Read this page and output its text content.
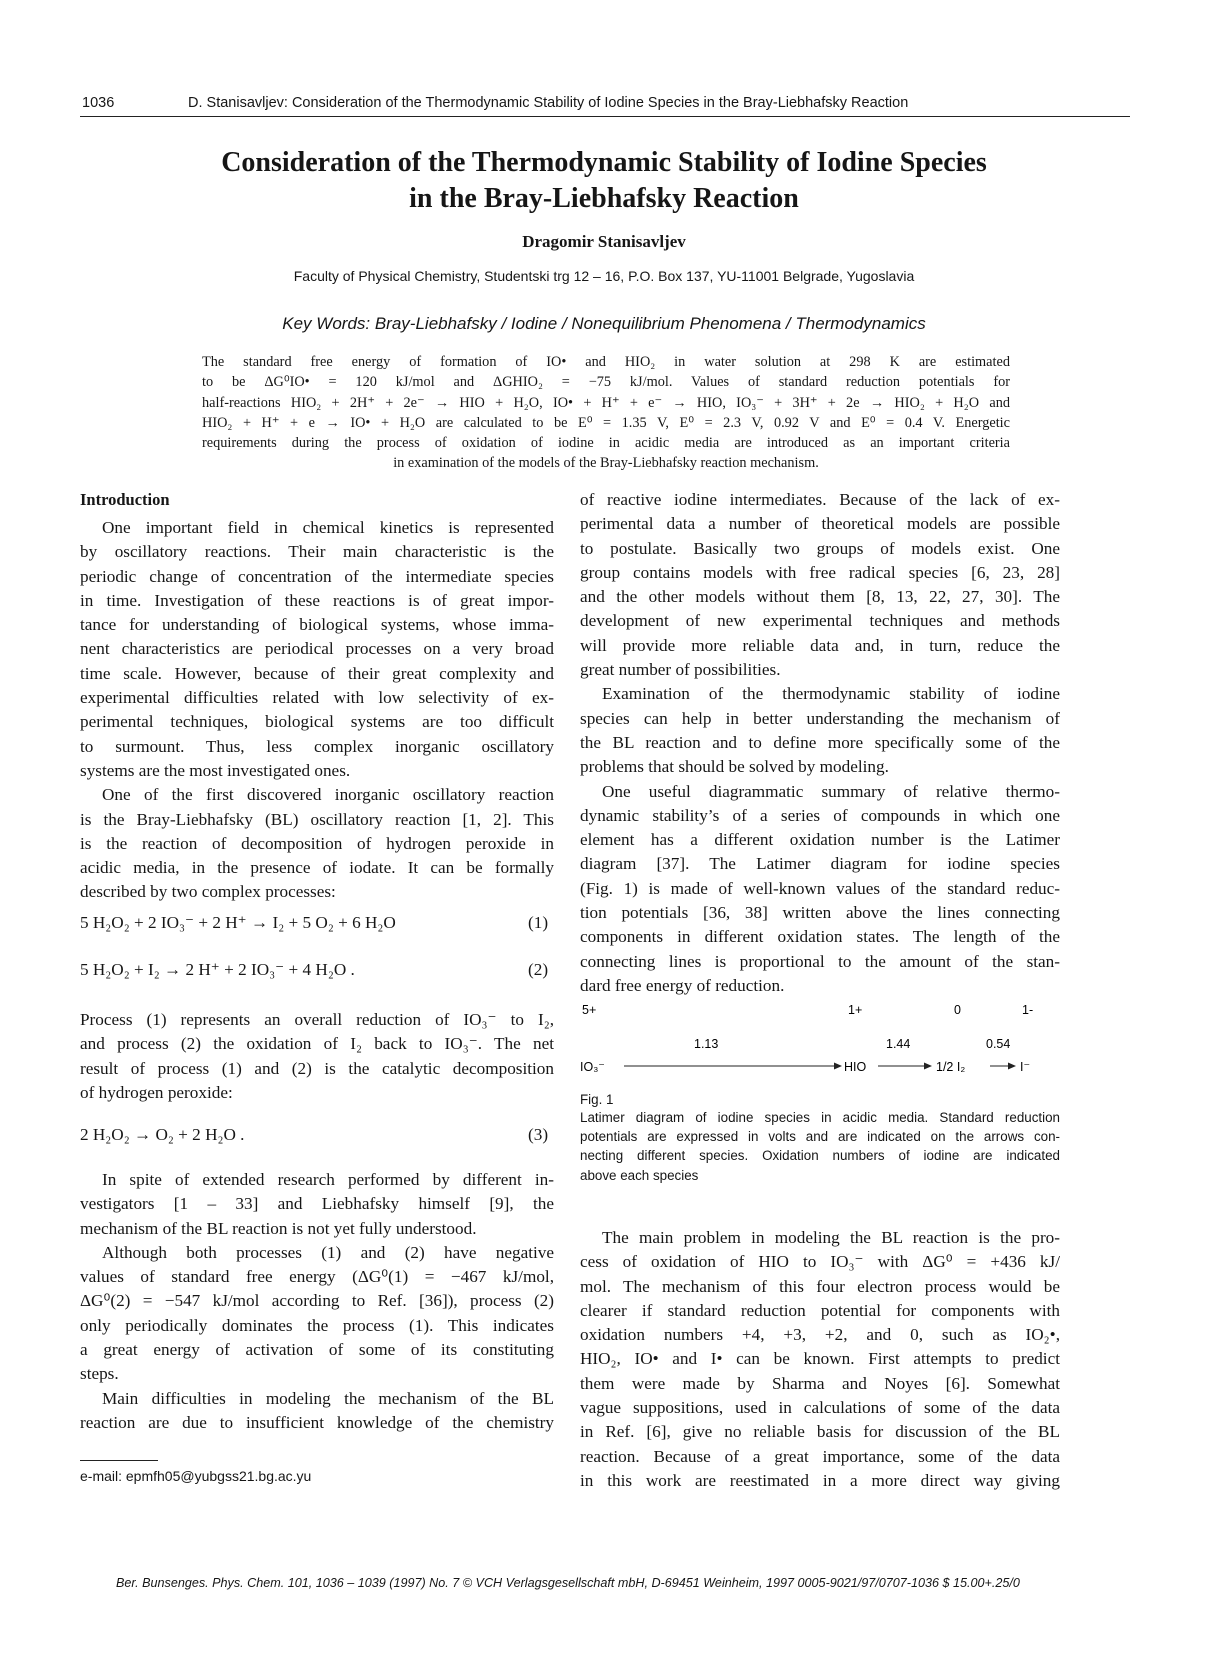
1036	D. Stanisavljev: Consideration of the Thermodynamic Stability of Iodine Species in the Bray-Liebhafsky Reaction
Consideration of the Thermodynamic Stability of Iodine Species
in the Bray-Liebhafsky Reaction
Dragomir Stanisavljev
Faculty of Physical Chemistry, Studentski trg 12 – 16, P.O. Box 137, YU-11001 Belgrade, Yugoslavia
Key Words: Bray-Liebhafsky / Iodine / Nonequilibrium Phenomena / Thermodynamics
The standard free energy of formation of IO• and HIO₂ in water solution at 298 K are estimated
to be ΔG⁰IO• = 120 kJ/mol and ΔGHIO₂ = −75 kJ/mol. Values of standard reduction potentials for
half-reactions HIO₂ + 2H⁺ + 2e⁻ → HIO + H₂O, IO• + H⁺ + e⁻ → HIO, IO₃⁻ + 3H⁺ + 2e → HIO₂ + H₂O and
HIO₂ + H⁺ + e → IO• + H₂O are calculated to be E⁰ = 1.35 V, E⁰ = 2.3 V, 0.92 V and E⁰ = 0.4 V. Energetic
requirements during the process of oxidation of iodine in acidic media are introduced as an important criteria
in examination of the models of the Bray-Liebhafsky reaction mechanism.
Introduction
One important field in chemical kinetics is represented
by oscillatory reactions. Their main characteristic is the
periodic change of concentration of the intermediate species
in time. Investigation of these reactions is of great impor-
tance for understanding of biological systems, whose imma-
nent characteristics are periodical processes on a very broad
time scale. However, because of their great complexity and
experimental difficulties related with low selectivity of ex-
perimental techniques, biological systems are too difficult
to surmount. Thus, less complex inorganic oscillatory
systems are the most investigated ones.
One of the first discovered inorganic oscillatory reaction
is the Bray-Liebhafsky (BL) oscillatory reaction [1, 2]. This
is the reaction of decomposition of hydrogen peroxide in
acidic media, in the presence of iodate. It can be formally
described by two complex processes:
5 H₂O₂ + 2 IO₃⁻ + 2 H⁺ → I₂ + 5 O₂ + 6 H₂O	(1)
5 H₂O₂ + I₂ → 2 H⁺ + 2 IO₃⁻ + 4 H₂O .	(2)
Process (1) represents an overall reduction of IO₃⁻ to I₂,
and process (2) the oxidation of I₂ back to IO₃⁻. The net
result of process (1) and (2) is the catalytic decomposition
of hydrogen peroxide:
2 H₂O₂ → O₂ + 2 H₂O .	(3)
In spite of extended research performed by different in-
vestigators [1 – 33] and Liebhafsky himself [9], the
mechanism of the BL reaction is not yet fully understood.
Although both processes (1) and (2) have negative
values of standard free energy (ΔG⁰(1) = −467 kJ/mol,
ΔG⁰(2) = −547 kJ/mol according to Ref. [36]), process (2)
only periodically dominates the process (1). This indicates
a great energy of activation of some of its constituting
steps.
Main difficulties in modeling the mechanism of the BL
reaction are due to insufficient knowledge of the chemistry
of reactive iodine intermediates. Because of the lack of ex-
perimental data a number of theoretical models are possible
to postulate. Basically two groups of models exist. One
group contains models with free radical species [6, 23, 28]
and the other models without them [8, 13, 22, 27, 30]. The
development of new experimental techniques and methods
will provide more reliable data and, in turn, reduce the
great number of possibilities.
Examination of the thermodynamic stability of iodine
species can help in better understanding the mechanism of
the BL reaction and to define more specifically some of the
problems that should be solved by modeling.
One useful diagrammatic summary of relative thermo-
dynamic stability’s of a series of compounds in which one
element has a different oxidation number is the Latimer
diagram [37]. The Latimer diagram for iodine species
(Fig. 1) is made of well-known values of the standard reduc-
tion potentials [36, 38] written above the lines connecting
components in different oxidation states. The length of the
connecting lines is proportional to the amount of the stan-
dard free energy of reduction.
5+	1+	0	1-
1.13	1.44	0.54
IO₃⁻	HIO	1/2 I₂	I⁻
Fig. 1
Latimer diagram of iodine species in acidic media. Standard reduction
potentials are expressed in volts and are indicated on the arrows con-
necting different species. Oxidation numbers of iodine are indicated
above each species
The main problem in modeling the BL reaction is the pro-
cess of oxidation of HIO to IO₃⁻ with ΔG⁰ = +436 kJ/
mol. The mechanism of this four electron process would be
clearer if standard reduction potential for components with
oxidation numbers +4, +3, +2, and 0, such as IO₂•,
HIO₂, IO• and I• can be known. First attempts to predict
them were made by Sharma and Noyes [6]. Somewhat
vague suppositions, used in calculations of some of the data
in Ref. [6], give no reliable basis for discussion of the BL
reaction. Because of a great importance, some of the data
in this work are reestimated in a more direct way giving
e-mail: epmfh05@yubgss21.bg.ac.yu
Ber. Bunsenges. Phys. Chem. 101, 1036 – 1039 (1997) No. 7 © VCH Verlagsgesellschaft mbH, D-69451 Weinheim, 1997 0005-9021/97/0707-1036 $ 15.00+.25/0
